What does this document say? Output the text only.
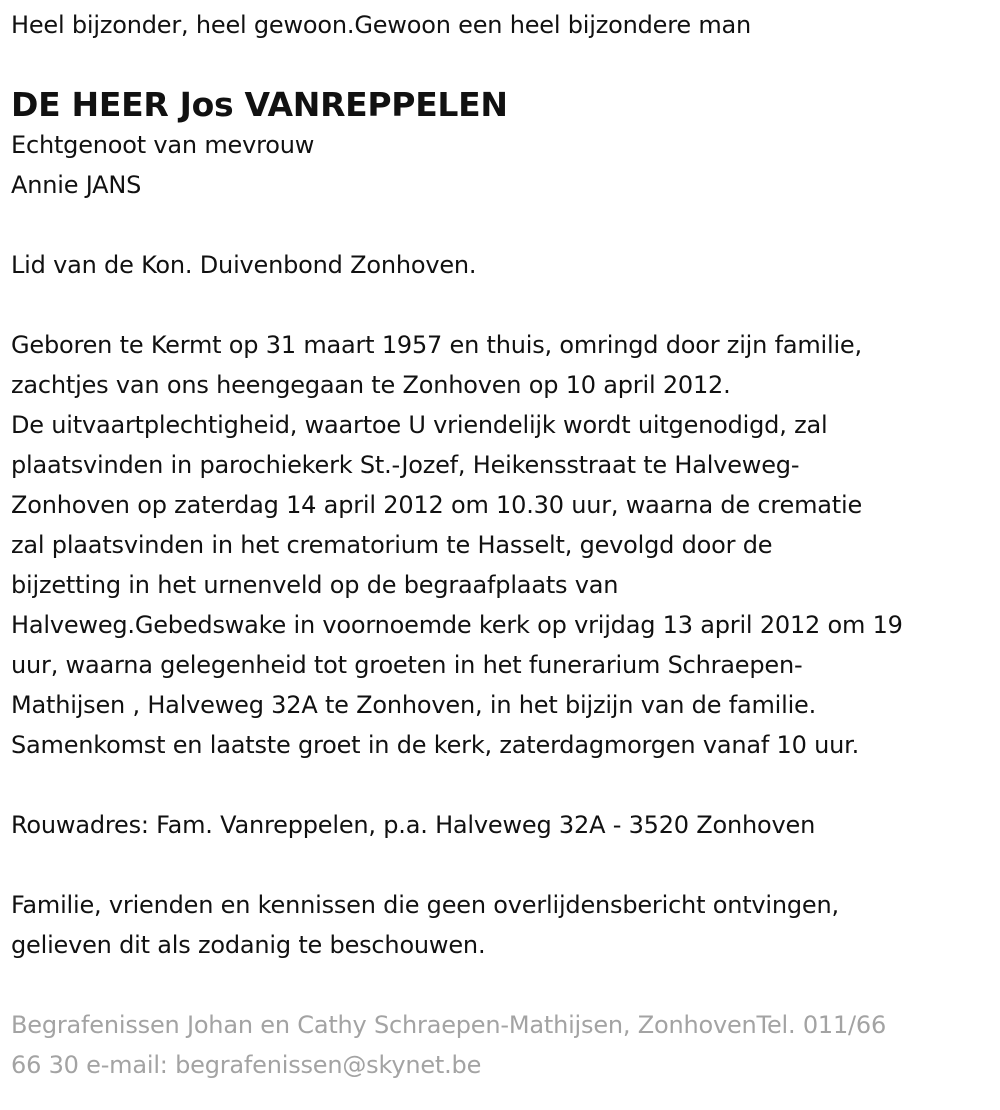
Heel bijzonder, heel gewoon.Gewoon een heel bijzondere man
DE HEER Jos VANREPPELEN
Echtgenoot van mevrouw
Annie JANS
Lid van de Kon. Duivenbond Zonhoven.
Geboren te Kermt op 31 maart 1957 en thuis, omringd door zijn familie,
zachtjes van ons heengegaan te Zonhoven op 10 april 2012.
De uitvaartplechtigheid, waartoe U vriendelijk wordt uitgenodigd, zal
plaatsvinden in parochiekerk St.-Jozef, Heikensstraat te Halveweg-
Zonhoven op zaterdag 14 april 2012 om 10.30 uur, waarna de crematie
zal plaatsvinden in het crematorium te Hasselt, gevolgd door de
bijzetting in het urnenveld op de begraafplaats van
Halveweg.Gebedswake in voornoemde kerk op vrijdag 13 april 2012 om 19
uur, waarna gelegenheid tot groeten in het funerarium Schraepen-
Mathijsen , Halveweg 32A te Zonhoven, in het bijzijn van de familie.
Samenkomst en laatste groet in de kerk, zaterdagmorgen vanaf 10 uur.
Rouwadres: Fam. Vanreppelen, p.a. Halveweg 32A - 3520 Zonhoven
Familie, vrienden en kennissen die geen overlijdensbericht ontvingen,
gelieven dit als zodanig te beschouwen.
Begrafenissen Johan en Cathy Schraepen-Mathijsen, ZonhovenTel. 011/66
66 30 e-mail: begrafenissen@skynet.be
